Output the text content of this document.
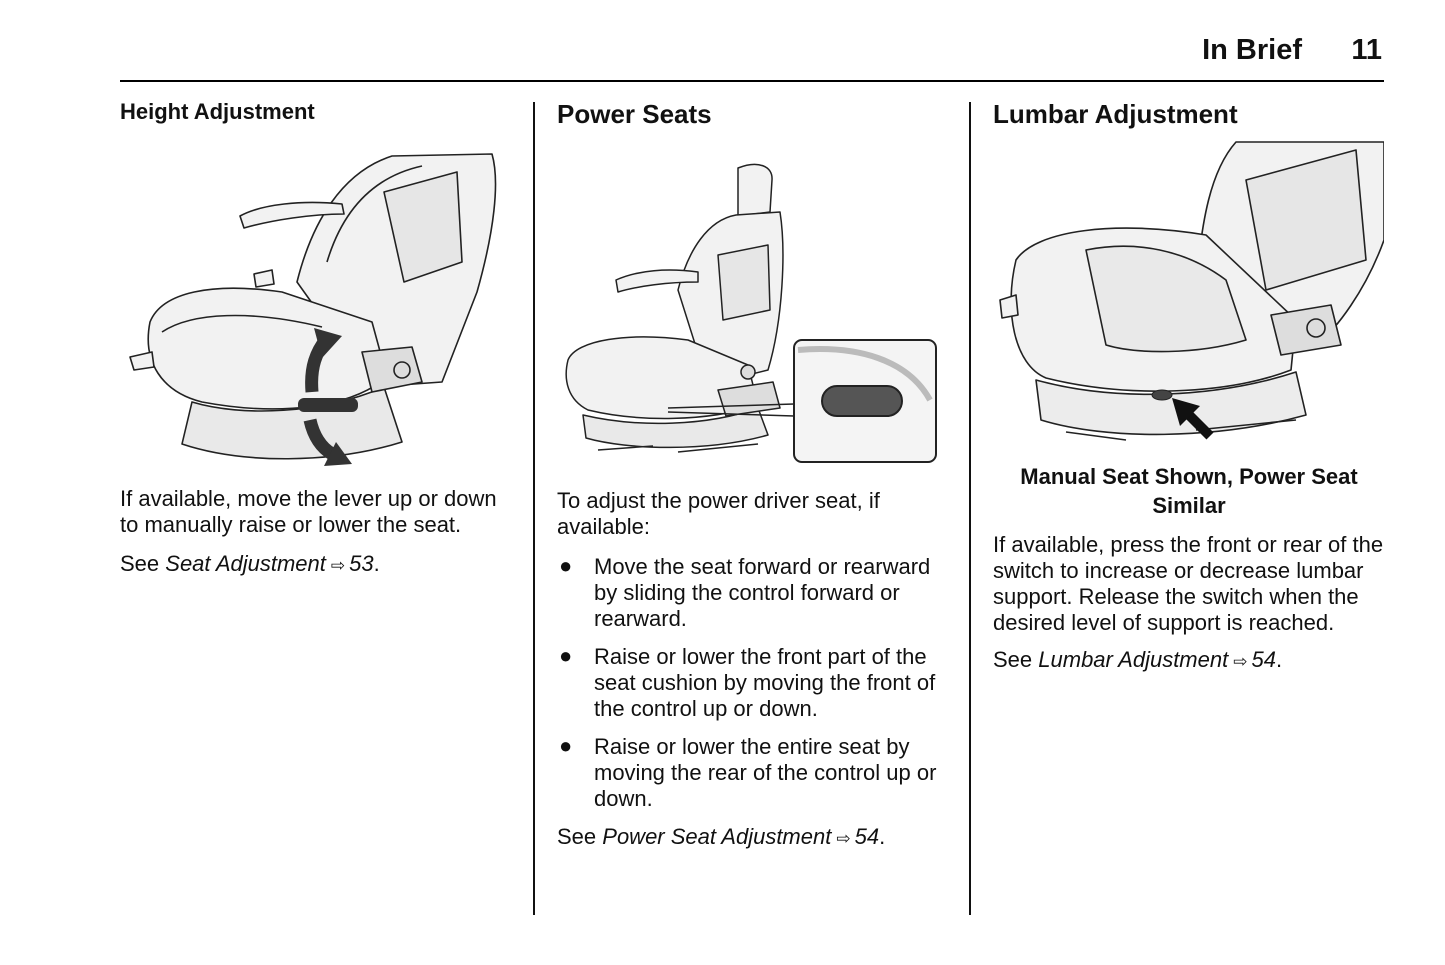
In Brief 11
Height Adjustment

If available, move the lever up or down to manually raise or lower the seat.

See Seat Adjustment ⇨ 53.

Power Seats

To adjust the power driver seat, if available:

● Move the seat forward or rearward by sliding the control forward or rearward.
● Raise or lower the front part of the seat cushion by moving the front of the control up or down.
● Raise or lower the entire seat by moving the rear of the control up or down.

See Power Seat Adjustment ⇨ 54.

Lumbar Adjustment

Manual Seat Shown, Power Seat Similar

If available, press the front or rear of the switch to increase or decrease lumbar support. Release the switch when the desired level of support is reached.

See Lumbar Adjustment ⇨ 54.
